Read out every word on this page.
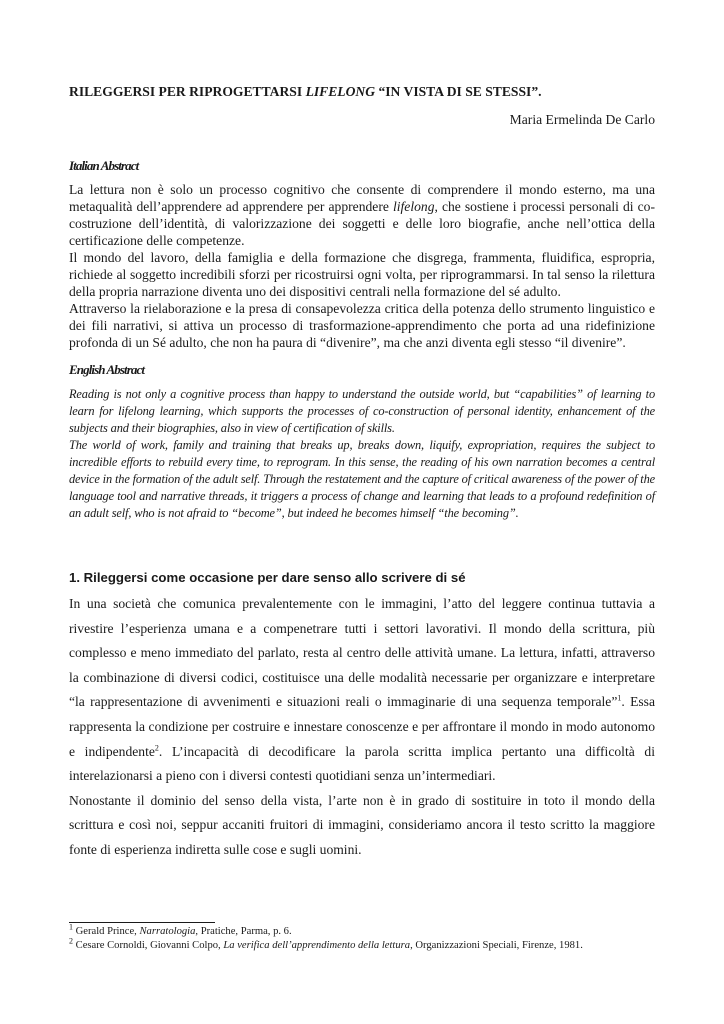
RILEGGERSI PER RIPROGETTARSI LIFELONG “IN VISTA DI SE STESSI”.
Maria Ermelinda De Carlo
Italian Abstract

La lettura non è solo un processo cognitivo che consente di comprendere il mondo esterno, ma una metaqualità dell’apprendere ad apprendere per apprendere lifelong, che sostiene i processi personali di co-costruzione dell’identità, di valorizzazione dei soggetti e delle loro biografie, anche nell’ottica della certificazione delle competenze.

Il mondo del lavoro, della famiglia e della formazione che disgrega, frammenta, fluidifica, espropria, richiede al soggetto incredibili sforzi per ricostruirsi ogni volta, per riprogrammarsi. In tal senso la rilettura della propria narrazione diventa uno dei dispositivi centrali nella formazione del sé adulto.

Attraverso la rielaborazione e la presa di consapevolezza critica della potenza dello strumento linguistico e dei fili narrativi, si attiva un processo di trasformazione-apprendimento che porta ad una ridefinizione profonda di un Sé adulto, che non ha paura di “divenire”, ma che anzi diventa egli stesso “il divenire”.

English Abstract

Reading is not only a cognitive process than happy to understand the outside world, but “capabilities” of learning to learn for lifelong learning, which supports the processes of co-construction of personal identity, enhancement of the subjects and their biographies, also in view of certification of skills.

The world of work, family and training that breaks up, breaks down, liquify, expropriation, requires the subject to incredible efforts to rebuild every time, to reprogram. In this sense, the reading of his own narration becomes a central device in the formation of the adult self. Through the restatement and the capture of critical awareness of the power of the language tool and narrative threads, it triggers a process of change and learning that leads to a profound redefinition of an adult self, who is not afraid to “become”, but indeed he becomes himself “the becoming”.

1. Rileggersi come occasione per dare senso allo scrivere di sé

In una società che comunica prevalentemente con le immagini, l’atto del leggere continua tuttavia a rivestire l’esperienza umana e a compenetrare tutti i settori lavorativi. Il mondo della scrittura, più complesso e meno immediato del parlato, resta al centro delle attività umane. La lettura, infatti, attraverso la combinazione di diversi codici, costituisce una delle modalità necessarie per organizzare e interpretare “la rappresentazione di avvenimenti e situazioni reali o immaginarie di una sequenza temporale”$^1$. Essa rappresenta la condizione per costruire e innestare conoscenze e per affrontare il mondo in modo autonomo e indipendente$^2$. L’incapacità di decodificare la parola scritta implica pertanto una difficoltà di interelazionarsi a pieno con i diversi contesti quotidiani senza un’intermediari.

Nonostante il dominio del senso della vista, l’arte non è in grado di sostituire in toto il mondo della scrittura e così noi, seppur accaniti fruitori di immagini, consideriamo ancora il testo scritto la maggiore fonte di esperienza indiretta sulle cose e sugli uomini.

$^1$ Gerald Prince, Narratologia, Pratiche, Parma, p. 6.
$^2$ Cesare Cornoldi, Giovanni Colpo, La verifica dell’apprendimento della lettura, Organizzazioni Speciali, Firenze, 1981.
